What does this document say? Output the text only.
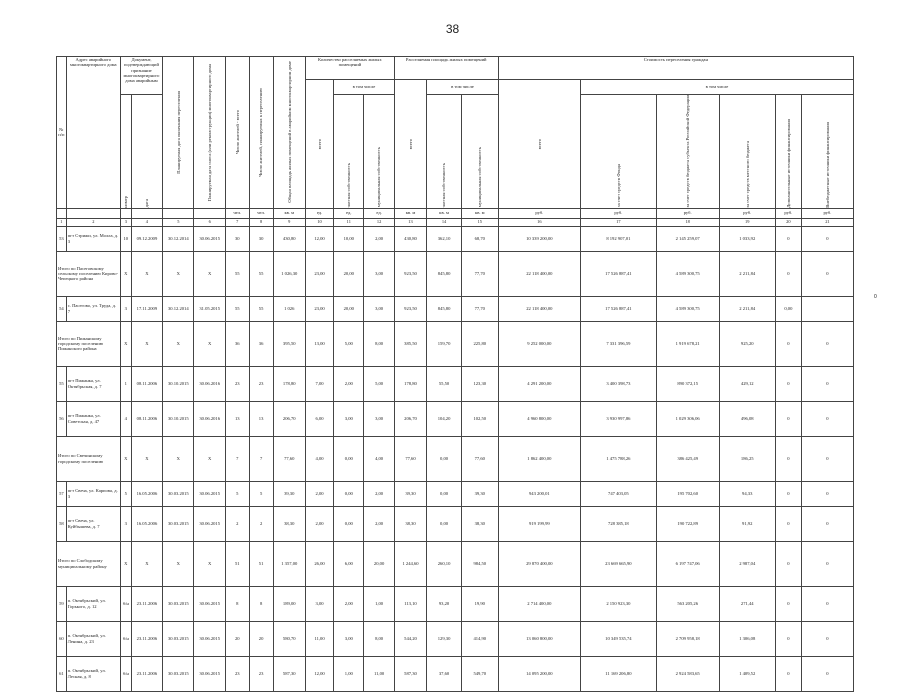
38
№ п/п	Адрес аварийного многоквартирного дома	Документ, подтверждающий признание многоквартирного дома аварийным		Планируемая дата окончания переселения	Планируемая дата сноса (или реконструкции) многоквартирного дома	Число жителей - всего	Число жителей, планируемых к переселению	Общая площадь жилых помещений в аварийном многоквартирном доме	Количество расселяемых жилых помещений			Расселяемая площадь жилых помещений			Стоимость переселения граждан					

									всего	в том числе		всего	в том числе		всего	в том числе				

		номер	дата							частная собственность	муниципальная собственность		частная собственность	муниципальная собственность		за счет средств Фонда	за счет средств бюджета субъекта Российской Федерации	за счет средств местного бюджета	Дополнительные источники финансирования	Внебюджетные источники финансирования

						чел.	чел.	кв. м	ед.	ед.	ед.	кв. м	кв. м	кв. м	руб.	руб.	руб.	руб.	руб.	руб.
1	2	3	4	5	6	7	8	9	10	11	12	13	14	15	16	17	18	19	20	21
53	пгт Стрижи, ул. Молла, д. 3	10	09.12.2009	30.12.2014	30.06.2015	30	30	430,80	12,00	10,00	2,00	430,80	362,10	68,70	10 339 200,00	8 192 907,01	2 145 259,07	1 033,92	0	0
Итого по Пасеговскому сельскому поселению Кирово-Чепецкого района		X	X	X	X	55	55	1 026,30	23,00	20,00	3,00	923,50	845,80	77,70	22 118 400,00	17 526 887,41	4 589 300,75	2 211,84	0	0
54	с. Пасегово, ул. Труда, д. 7	3	17.11.2009	30.12.2014	31.05.2015	55	55	1 026	23,00	20,00	3,00	923,50	845,80	77,70	22 118 400,00	17 526 887,41	4 589 300,75	2 211,84	0,00	
Итого по Пижанскому городскому поселению Пижанского района		X	X	X	X	36	36	395,50	13,00	5,00	8,00	385,50	159,70	225,80	9 252 000,00	7 331 396,59	1 919 678,21	925,20	0	0
55	пгт Пижанка, ул. Октябрьская, д. 7	1	08.11.2006	30.10.2015	30.06.2016	23	23	178,80	7,00	2,00	5,00	178,80	55,50	123,30	4 291 200,00	3 400 398,73	890 372,15	429,12	0	0
56	пгт Пижанка, ул. Советская, д. 47	4	08.11.2006	30.10.2015	30.06.2016	13	13	206,70	6,00	3,00	3,00	206,70	104,20	102,50	4 960 800,00	3 930 997,86	1 029 306,06	496,08	0	0
Итого по Свечинскому городскому поселению		X	X	X	X	7	7	77,60	4,00	0,00	4,00	77,60	0,00	77,60	1 862 400,00	1 475 788,26	386 425,49	186,25	0	0
57	пгт Свеча, ул. Карпова, д. 3	5	16.05.2006	30.03.2015	30.06.2015	5	5	39,30	2,00	0,00	2,00	39,30	0,00	39,30	943 200,01	747 403,05	195 702,60	94,33	0	0
58	пгт Свеча, ул. Куйбышева, д. 7	3	16.05.2006	30.03.2015	30.06.2015	2	2	38,30	2,00	0,00	2,00	38,30	0,00	38,30	919 199,99	728 385,18	190 722,89	91,92	0	0
Итого по Слободскому муниципальному району		X	X	X	X	51	51	1 357,00	26,00	6,00	20,00	1 244,60	260,10	984,50	29 870 400,00	23 669 665,90	6 197 747,06	2 987,04	0	0
59	п. Октябрьский, ул. Горького, д. 12	б/н	23.11.2006	30.03.2015	30.06.2015	8	8	189,00	3,00	2,00	1,00	113,10	93,20	19,90	2 714 400,00	2 150 923,30	563 205,26	271,44	0	0
60	п. Октябрьский, ул. Ленина, д. 23	б/н	23.11.2006	30.03.2015	30.06.2015	20	20	580,70	11,00	3,00	8,00	544,20	129,30	414,90	13 060 800,00	10 349 535,74	2 709 958,18	1 306,08	0	0
61	п. Октябрьский, ул. Лесная, д. 8	б/н	23.11.2006	30.03.2015	30.06.2015	23	23	587,30	12,00	1,00	11,00	587,30	37,60	549,70	14 095 200,00	11 169 206,80	2 924 583,65	1 409,52	0	0
0
